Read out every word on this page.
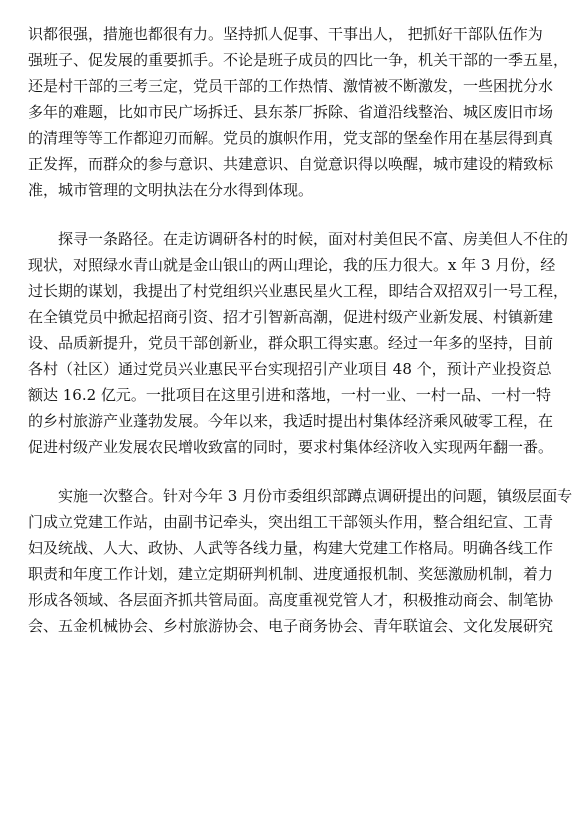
识都很强，措施也都很有力。坚持抓人促事、干事出人， 把抓好干部队伍作为
强班子、促发展的重要抓手。不论是班子成员的四比一争，机关干部的一季五星，
还是村干部的三考三定，党员干部的工作热情、激情被不断激发，一些困扰分水
多年的难题，比如市民广场拆迁、县东茶厂拆除、省道沿线整治、城区废旧市场
的清理等等工作都迎刃而解。党员的旗帜作用，党支部的堡垒作用在基层得到真
正发挥，而群众的参与意识、共建意识、自觉意识得以唤醒，城市建设的精致标
准，城市管理的文明执法在分水得到体现。
探寻一条路径。在走访调研各村的时候，面对村美但民不富、房美但人不住的
现状，对照绿水青山就是金山银山的两山理论，我的压力很大。x 年 3 月份，经
过长期的谋划，我提出了村党组织兴业惠民星火工程，即结合双招双引一号工程，
在全镇党员中掀起招商引资、招才引智新高潮，促进村级产业新发展、村镇新建
设、品质新提升，党员干部创新业，群众职工得实惠。经过一年多的坚持，目前
各村（社区）通过党员兴业惠民平台实现招引产业项目 48 个，预计产业投资总
额达 16.2 亿元。一批项目在这里引进和落地，一村一业、一村一品、一村一特
的乡村旅游产业蓬勃发展。今年以来，我适时提出村集体经济乘风破零工程，在
促进村级产业发展农民增收致富的同时，要求村集体经济收入实现两年翻一番。
实施一次整合。针对今年 3 月份市委组织部蹲点调研提出的问题，镇级层面专
门成立党建工作站，由副书记牵头，突出组工干部领头作用，整合组纪宣、工青
妇及统战、人大、政协、人武等各线力量，构建大党建工作格局。明确各线工作
职责和年度工作计划，建立定期研判机制、进度通报机制、奖惩激励机制，着力
形成各领域、各层面齐抓共管局面。高度重视党管人才，积极推动商会、制笔协
会、五金机械协会、乡村旅游协会、电子商务协会、青年联谊会、文化发展研究
